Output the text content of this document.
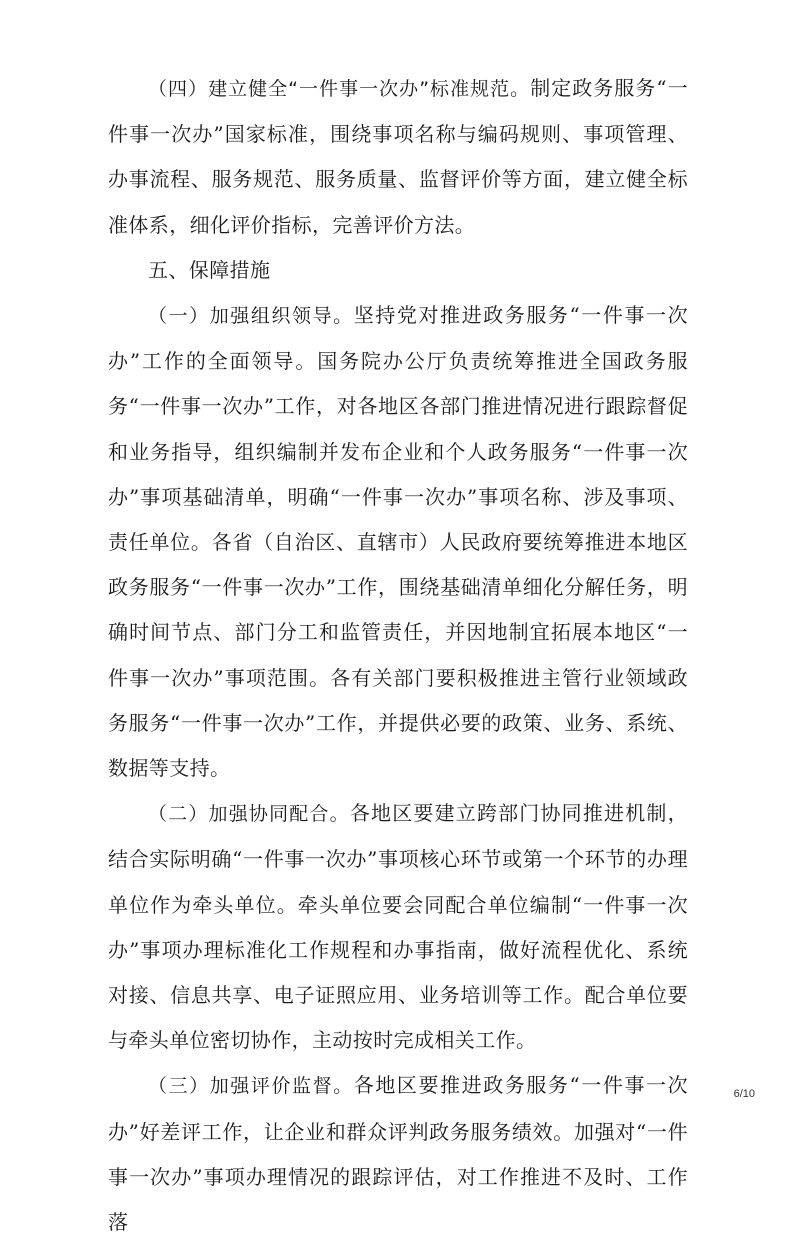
（四）建立健全“一件事一次办”标准规范。制定政务服务“一件事一次办”国家标准，围绕事项名称与编码规则、事项管理、办事流程、服务规范、服务质量、监督评价等方面，建立健全标准体系，细化评价指标，完善评价方法。

五、保障措施

（一）加强组织领导。坚持党对推进政务服务“一件事一次办”工作的全面领导。国务院办公厅负责统筹推进全国政务服务“一件事一次办”工作，对各地区各部门推进情况进行跟踪督促和业务指导，组织编制并发布企业和个人政务服务“一件事一次办”事项基础清单，明确“一件事一次办”事项名称、涉及事项、责任单位。各省（自治区、直辖市）人民政府要统筹推进本地区政务服务“一件事一次办”工作，围绕基础清单细化分解任务，明确时间节点、部门分工和监管责任，并因地制宜拓展本地区“一件事一次办”事项范围。各有关部门要积极推进主管行业领域政务服务“一件事一次办”工作，并提供必要的政策、业务、系统、数据等支持。

（二）加强协同配合。各地区要建立跨部门协同推进机制，结合实际明确“一件事一次办”事项核心环节或第一个环节的办理单位作为牵头单位。牵头单位要会同配合单位编制“一件事一次办”事项办理标准化工作规程和办事指南，做好流程优化、系统对接、信息共享、电子证照应用、业务培训等工作。配合单位要与牵头单位密切协作，主动按时完成相关工作。

（三）加强评价监督。各地区要推进政务服务“一件事一次办”好差评工作，让企业和群众评判政务服务绩效。加强对“一件事一次办”事项办理情况的跟踪评估，对工作推进不及时、工作落

6/10
